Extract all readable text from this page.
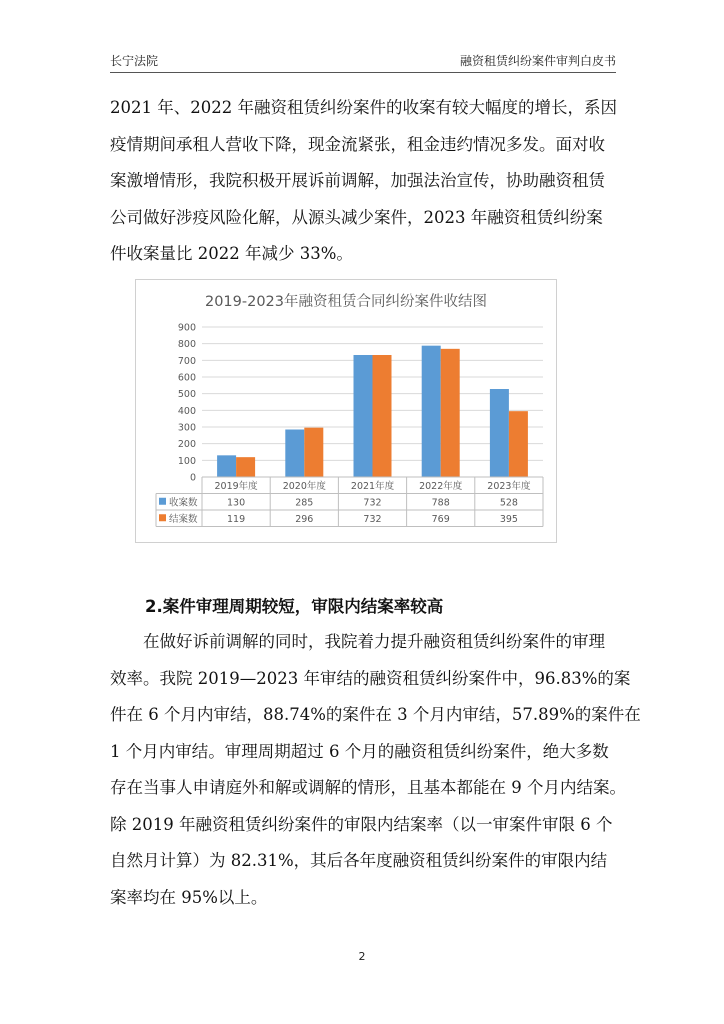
长宁法院	融资租赁纠纷案件审判白皮书

2021 年、2022 年融资租赁纠纷案件的收案有较大幅度的增长，系因
疫情期间承租人营收下降，现金流紧张，租金违约情况多发。面对收
案激增情形，我院积极开展诉前调解，加强法治宣传，协助融资租赁
公司做好涉疫风险化解，从源头减少案件，2023 年融资租赁纠纷案
件收案量比 2022 年减少 33%。

2019-2023年融资租赁合同纠纷案件收结图
0
100
200
300
400
500
600
700
800
900
2019年度	2020年度	2021年度	2022年度	2023年度
收案数	130	285	732	788	528
结案数	119	296	732	769	395

2.案件审理周期较短，审限内结案率较高

　　在做好诉前调解的同时，我院着力提升融资租赁纠纷案件的审理
效率。我院 2019—2023 年审结的融资租赁纠纷案件中，96.83%的案
件在 6 个月内审结，88.74%的案件在 3 个月内审结，57.89%的案件在
1 个月内审结。审理周期超过 6 个月的融资租赁纠纷案件，绝大多数
存在当事人申请庭外和解或调解的情形，且基本都能在 9 个月内结案。
除 2019 年融资租赁纠纷案件的审限内结案率（以一审案件审限 6 个
自然月计算）为 82.31%，其后各年度融资租赁纠纷案件的审限内结
案率均在 95%以上。

2
